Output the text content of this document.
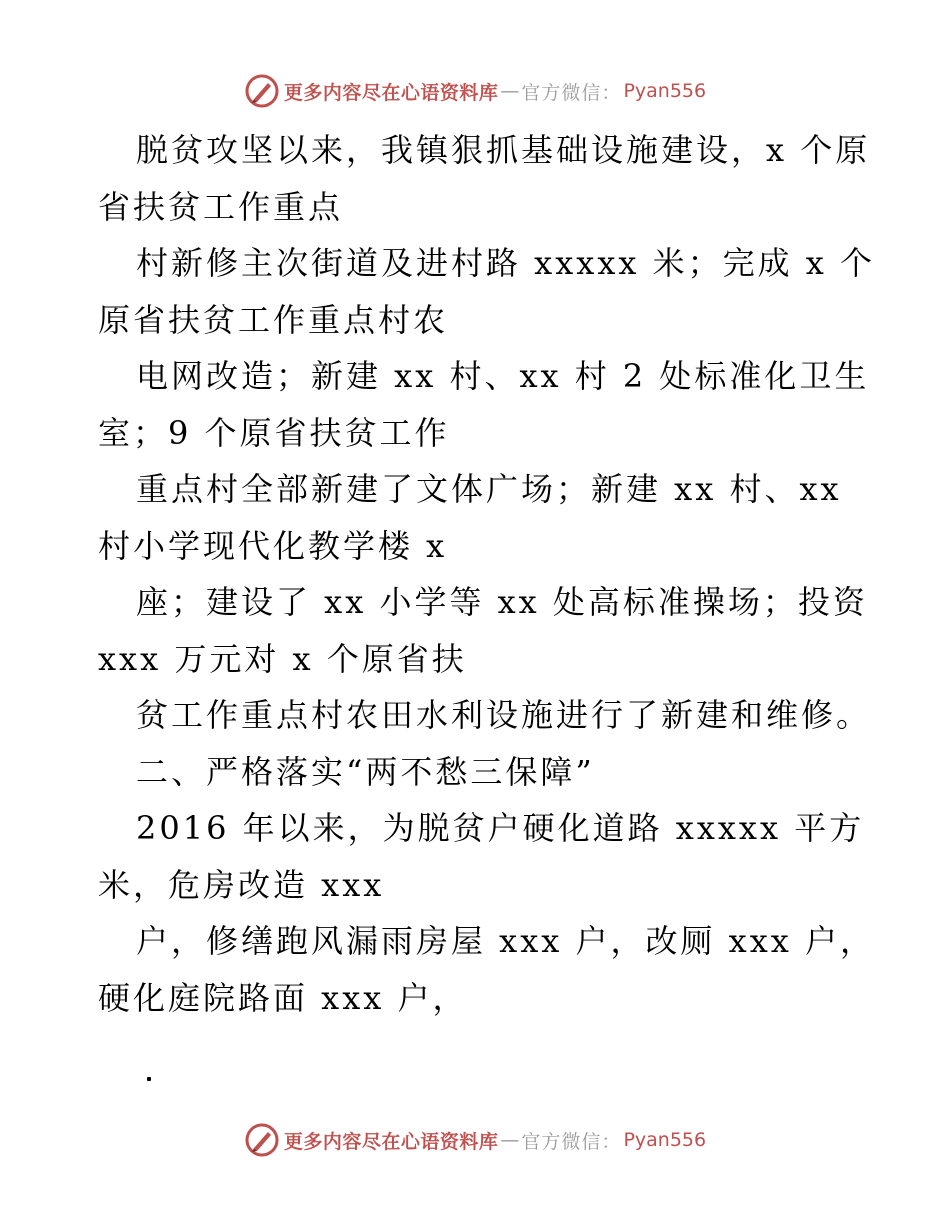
更多内容尽在心语资料库 — 官方微信： Pyan556
脱贫攻坚以来，我镇狠抓基础设施建设，x 个原
省扶贫工作重点
村新修主次街道及进村路 xxxxx 米；完成 x 个
原省扶贫工作重点村农
电网改造；新建 xx 村、xx 村 2 处标准化卫生
室；9 个原省扶贫工作
重点村全部新建了文体广场；新建 xx 村、xx
村小学现代化教学楼 x
座；建设了 xx 小学等 xx 处高标准操场；投资
xxx 万元对 x 个原省扶
贫工作重点村农田水利设施进行了新建和维修。
二、严格落实“两不愁三保障”
2016 年以来，为脱贫户硬化道路 xxxxx 平方
米，危房改造 xxx
户，修缮跑风漏雨房屋 xxx 户，改厕 xxx 户，
硬化庭院路面 xxx 户，
更多内容尽在心语资料库 — 官方微信： Pyan556
